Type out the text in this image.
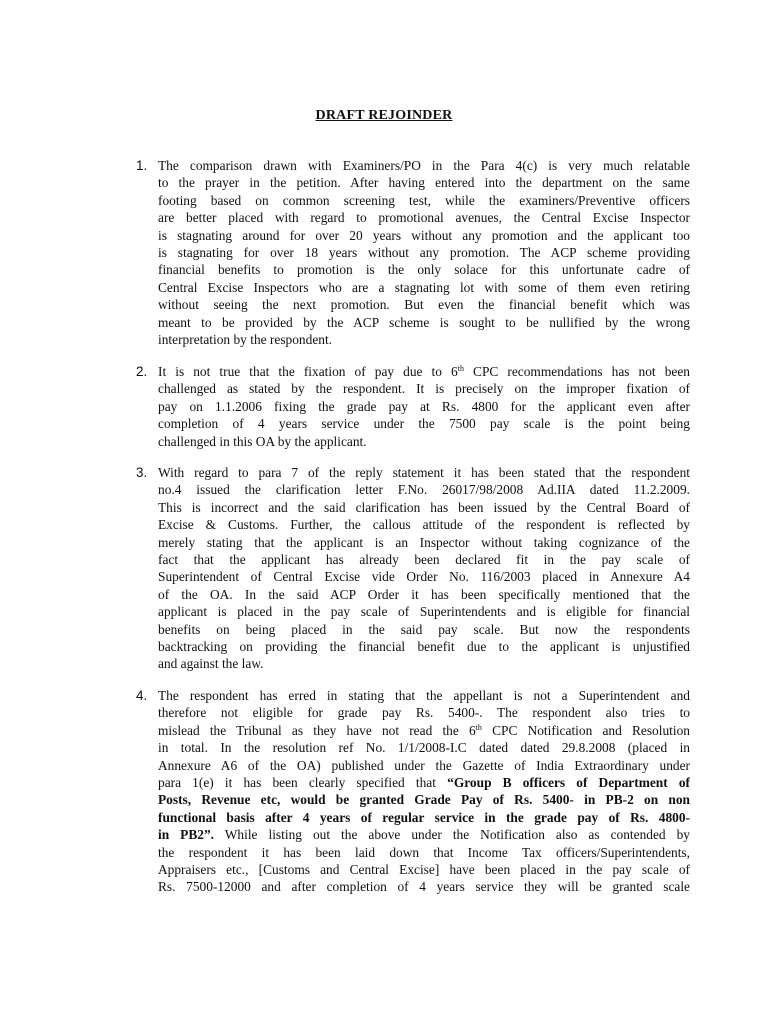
DRAFT REJOINDER
1. The comparison drawn with Examiners/PO in the Para 4(c) is very much relatable
to the prayer in the petition. After having entered into the department on the same
footing based on common screening test, while the examiners/Preventive officers
are better placed with regard to promotional avenues, the Central Excise Inspector
is stagnating around for over 20 years without any promotion and the applicant too
is stagnating for over 18 years without any promotion. The ACP scheme providing
financial benefits to promotion is the only solace for this unfortunate cadre of
Central Excise Inspectors who are a stagnating lot with some of them even retiring
without seeing the next promotion. But even the financial benefit which was
meant to be provided by the ACP scheme is sought to be nullified by the wrong
interpretation by the respondent.
2. It is not true that the fixation of pay due to 6th CPC recommendations has not been
challenged as stated by the respondent. It is precisely on the improper fixation of
pay on 1.1.2006 fixing the grade pay at Rs. 4800 for the applicant even after
completion of 4 years service under the 7500 pay scale is the point being
challenged in this OA by the applicant.
3. With regard to para 7 of the reply statement it has been stated that the respondent
no.4 issued the clarification letter F.No. 26017/98/2008 Ad.IIA dated 11.2.2009.
This is incorrect and the said clarification has been issued by the Central Board of
Excise & Customs. Further, the callous attitude of the respondent is reflected by
merely stating that the applicant is an Inspector without taking cognizance of the
fact that the applicant has already been declared fit in the pay scale of
Superintendent of Central Excise vide Order No. 116/2003 placed in Annexure A4
of the OA. In the said ACP Order it has been specifically mentioned that the
applicant is placed in the pay scale of Superintendents and is eligible for financial
benefits on being placed in the said pay scale. But now the respondents
backtracking on providing the financial benefit due to the applicant is unjustified
and against the law.
4. The respondent has erred in stating that the appellant is not a Superintendent and
therefore not eligible for grade pay Rs. 5400-. The respondent also tries to
mislead the Tribunal as they have not read the 6th CPC Notification and Resolution
in total. In the resolution ref No. 1/1/2008-I.C dated dated 29.8.2008 (placed in
Annexure A6 of the OA) published under the Gazette of India Extraordinary under
para 1(e) it has been clearly specified that “Group B officers of Department of
Posts, Revenue etc, would be granted Grade Pay of Rs. 5400- in PB-2 on non
functional basis after 4 years of regular service in the grade pay of Rs. 4800-
in PB2”. While listing out the above under the Notification also as contended by
the respondent it has been laid down that Income Tax officers/Superintendents,
Appraisers etc., [Customs and Central Excise] have been placed in the pay scale of
Rs. 7500-12000 and after completion of 4 years service they will be granted scale
